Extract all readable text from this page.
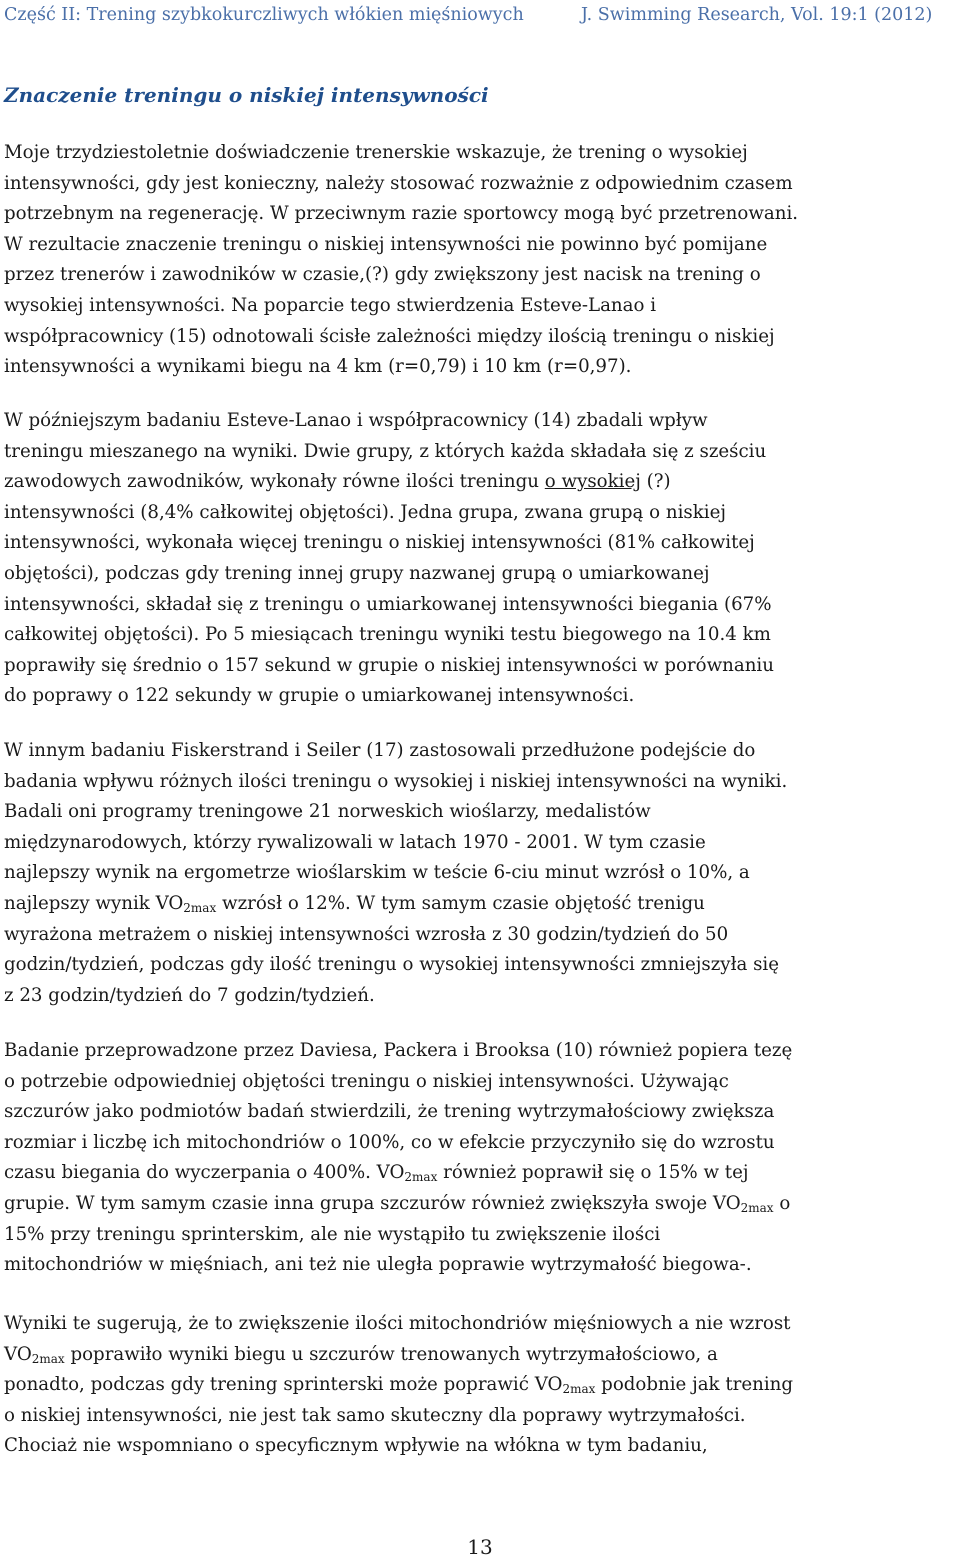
Część II: Trening szybkokurczliwych włókien mięśniowych	J. Swimming Research, Vol. 19:1 (2012)
Znaczenie treningu o niskiej intensywności
Moje trzydziestoletnie doświadczenie trenerskie wskazuje, że trening o wysokiej
intensywności, gdy jest konieczny, należy stosować rozważnie z odpowiednim czasem
potrzebnym na regenerację. W przeciwnym razie sportowcy mogą być przetrenowani.
W rezultacie znaczenie treningu o niskiej intensywności nie powinno być pomijane
przez trenerów i zawodników w czasie,(?) gdy zwiększony jest nacisk na trening o
wysokiej intensywności. Na poparcie tego stwierdzenia Esteve-Lanao i
współpracownicy (15) odnotowali ścisłe zależności między ilością treningu o niskiej
intensywności a wynikami biegu na 4 km (r=0,79) i 10 km (r=0,97).
W późniejszym badaniu Esteve-Lanao i współpracownicy (14) zbadali wpływ
treningu mieszanego na wyniki. Dwie grupy, z których każda składała się z sześciu
zawodowych zawodników, wykonały równe ilości treningu o wysokiej (?)
intensywności (8,4% całkowitej objętości). Jedna grupa, zwana grupą o niskiej
intensywności, wykonała więcej treningu o niskiej intensywności (81% całkowitej
objętości), podczas gdy trening innej grupy nazwanej grupą o umiarkowanej
intensywności, składał się z treningu o umiarkowanej intensywności biegania (67%
całkowitej objętości). Po 5 miesiącach treningu wyniki testu biegowego na 10.4 km
poprawiły się średnio o 157 sekund w grupie o niskiej intensywności w porównaniu
do poprawy o 122 sekundy w grupie o umiarkowanej intensywności.
W innym badaniu Fiskerstrand i Seiler (17) zastosowali przedłużone podejście do
badania wpływu różnych ilości treningu o wysokiej i niskiej intensywności na wyniki.
Badali oni programy treningowe 21 norweskich wioślarzy, medalistów
międzynarodowych, którzy rywalizowali w latach 1970 - 2001. W tym czasie
najlepszy wynik na ergometrze wioślarskim w teście 6-ciu minut wzrósł o 10%, a
najlepszy wynik $VO_{2max}$ wzrósł o 12%. W tym samym czasie objętość trenigu
wyrażona metrażem o niskiej intensywności wzrosła z 30 godzin/tydzień do 50
godzin/tydzień, podczas gdy ilość treningu o wysokiej intensywności zmniejszyła się
z 23 godzin/tydzień do 7 godzin/tydzień.
Badanie przeprowadzone przez Daviesa, Packera i Brooksa (10) również popiera tezę
o potrzebie odpowiedniej objętości treningu o niskiej intensywności. Używając
szczurów jako podmiotów badań stwierdzili, że trening wytrzymałościowy zwiększa
rozmiar i liczbę ich mitochondriów o 100%, co w efekcie przyczyniło się do wzrostu
czasu biegania do wyczerpania o 400%. $VO_{2max}$ również poprawił się o 15% w tej
grupie. W tym samym czasie inna grupa szczurów również zwiększyła swoje $VO_{2max}$ o
15% przy treningu sprinterskim, ale nie wystąpiło tu zwiększenie ilości
mitochondriów w mięśniach, ani też nie uległa poprawie wytrzymałość biegowa-.
Wyniki te sugerują, że to zwiększenie ilości mitochondriów mięśniowych a nie wzrost
$VO_{2max}$ poprawiło wyniki biegu u szczurów trenowanych wytrzymałościowo, a
ponadto, podczas gdy trening sprinterski może poprawić $VO_{2max}$ podobnie jak trening
o niskiej intensywności, nie jest tak samo skuteczny dla poprawy wytrzymałości.
Chociaż nie wspomniano o specyficznym wpływie na włókna w tym badaniu,
13
